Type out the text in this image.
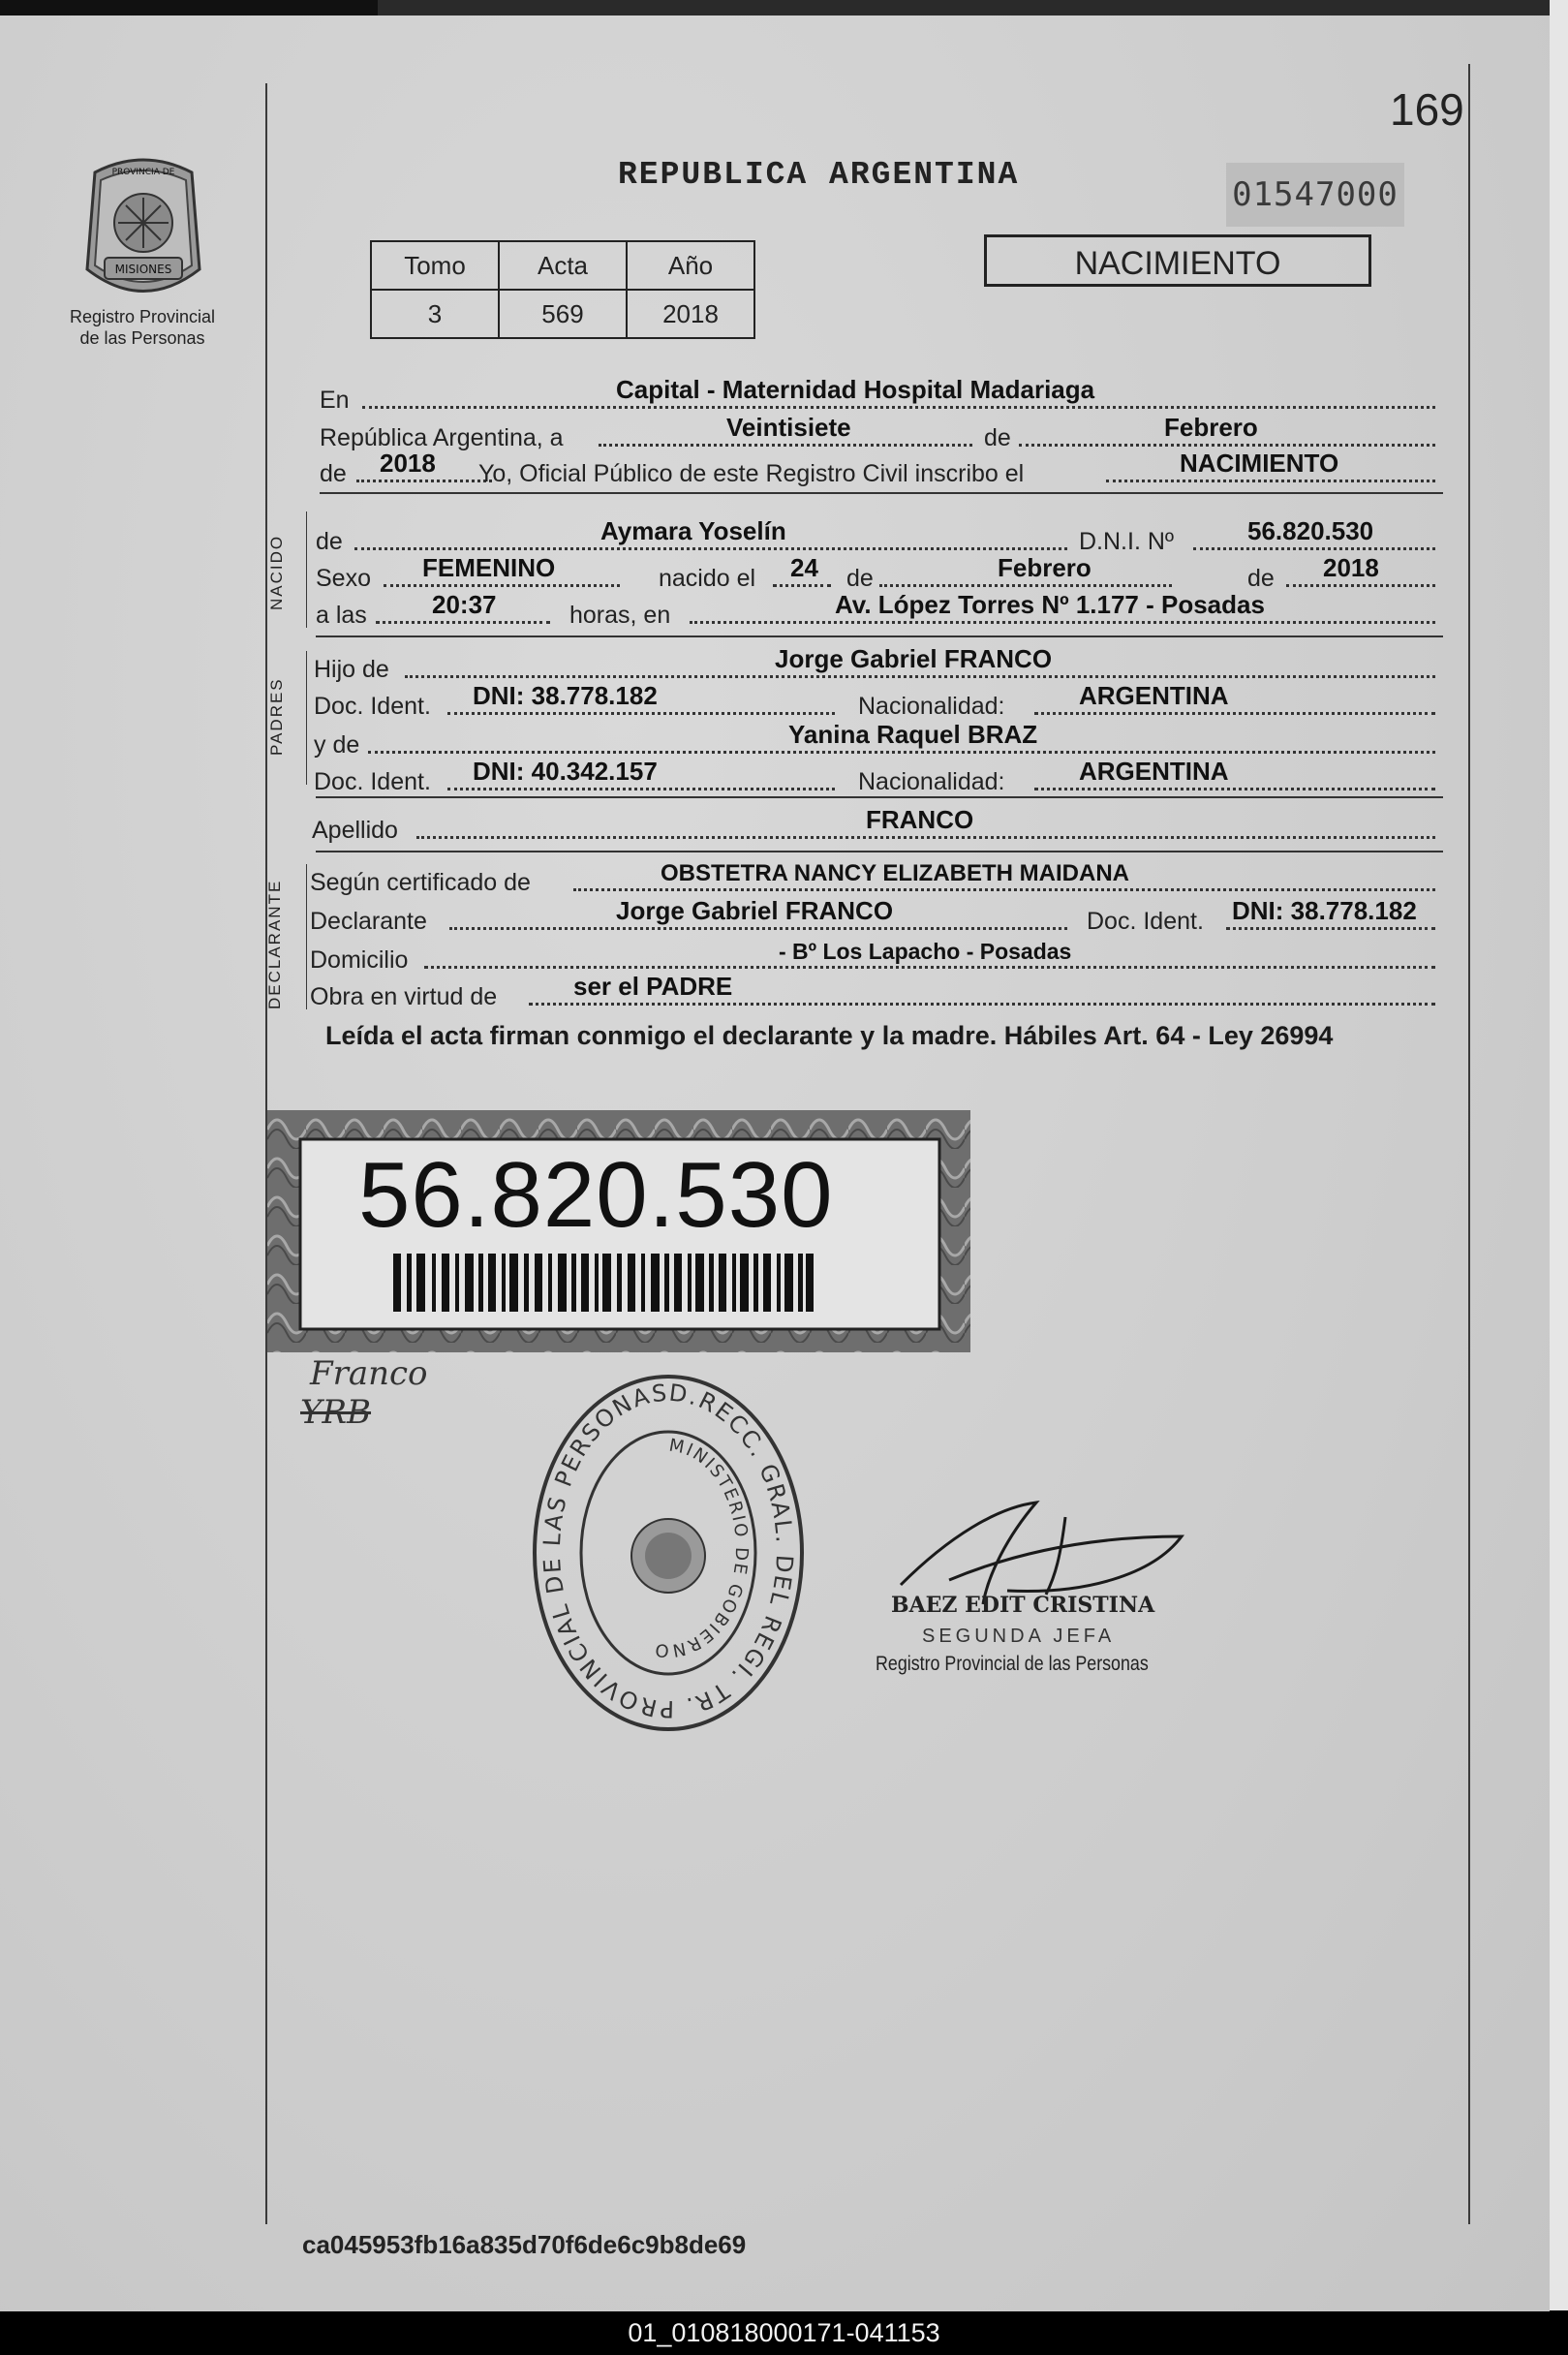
169
MISIONES
PROVINCIA DE
Registro Provincial
de las Personas
REPUBLICA ARGENTINA
01547000
Tomo	Acta	Año
3	569	2018
NACIMIENTO
En	Capital - Maternidad Hospital Madariaga
República Argentina, a	Veintisiete	de	Febrero
de 2018 Yo, Oficial Público de este Registro Civil inscribo el	NACIMIENTO
NACIDO de	Aymara Yoselín	D.N.I. Nº	56.820.530
Sexo FEMENINO	nacido el 24 de	Febrero	de 2018
a las	20:37	horas, en	Av. López Torres Nº 1.177 - Posadas
PADRES
Hijo de	Jorge Gabriel FRANCO
Doc. Ident. DNI: 38.778.182	Nacionalidad:	ARGENTINA
y de	Yanina Raquel BRAZ
Doc. Ident. DNI: 40.342.157	Nacionalidad:	ARGENTINA
Apellido	FRANCO
DECLARANTE Según certificado de	OBSTETRA NANCY ELIZABETH MAIDANA
Declarante	Jorge Gabriel FRANCO	Doc. Ident. DNI: 38.778.182
Domicilio	- Bº Los Lapacho - Posadas
Obra en virtud de	ser el PADRE
Leída el acta firman conmigo el declarante y la madre. Hábiles Art. 64 - Ley 26994
56.820.530
Franco
YRB	D.RECC. GRAL. DEL REGI. TR. PROVINCIAL DE LAS PERSONAS
MINISTERIO DE GOBIERNO
BAEZ EDIT CRISTINA
SEGUNDA JEFA
Registro Provincial de las Personas
ca045953fb16a835d70f6de6c9b8de69
01_010818000171-041153
